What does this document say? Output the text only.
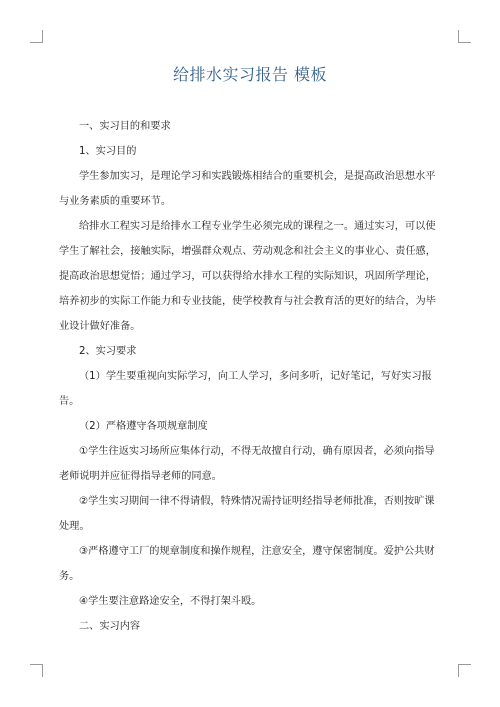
给排水实习报告 模板

一、实习目的和要求

1、实习目的

学生参加实习，是理论学习和实践锻炼相结合的重要机会，是提高政治思想水平与业务素质的重要环节。

给排水工程实习是给排水工程专业学生必须完成的课程之一。通过实习，可以使学生了解社会，接触实际，增强群众观点、劳动观念和社会主义的事业心、责任感，提高政治思想觉悟；通过学习，可以获得给水排水工程的实际知识，巩固所学理论，培养初步的实际工作能力和专业技能，使学校教育与社会教育活的更好的结合，为毕业设计做好准备。

2、实习要求

（1）学生要重视向实际学习，向工人学习，多问多听，记好笔记，写好实习报告。

（2）严格遵守各项规章制度

①学生往返实习场所应集体行动，不得无故擅自行动，确有原因者，必须向指导老师说明并应征得指导老师的同意。

②学生实习期间一律不得请假，特殊情况需持证明经指导老师批准，否则按旷课处理。

③严格遵守工厂的规章制度和操作规程，注意安全，遵守保密制度。爱护公共财务。

④学生要注意路途安全，不得打架斗殴。

二、实习内容
